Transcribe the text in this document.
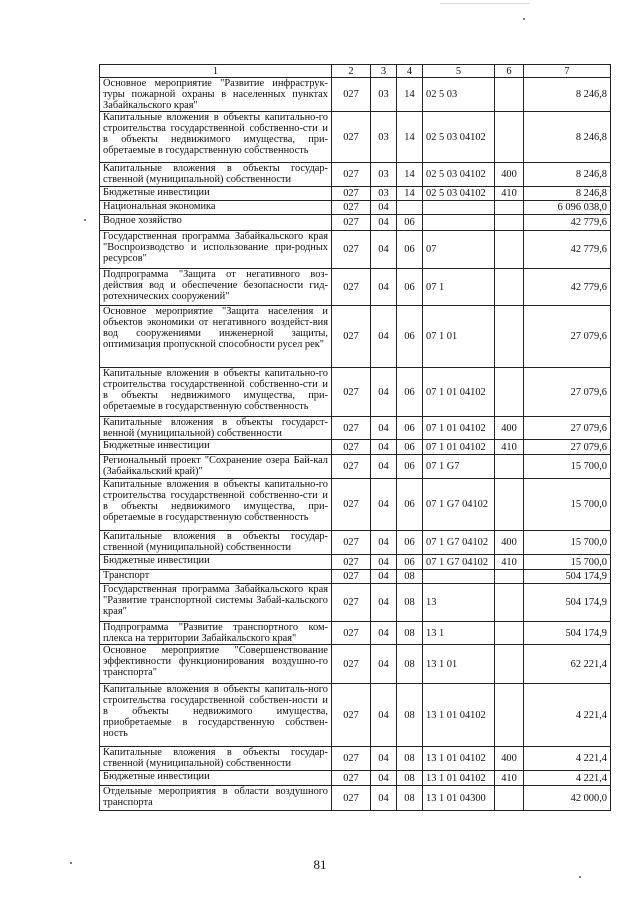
1	2	3	4	5	6	7
Основное мероприятие "Развитие инфраструк-туры пожарной охраны в населенных пунктах Забайкальского края"	027	03	14	02 5 03		8 246,8
Капитальные вложения в объекты капитально-го строительства государственной собственно-сти и в объекты недвижимого имущества, при-обретаемые в государственную собственность	027	03	14	02 5 03 04102		8 246,8
Капитальные вложения в объекты государ-ственной (муниципальной) собственности	027	03	14	02 5 03 04102	400	8 246,8
Бюджетные инвестиции	027	03	14	02 5 03 04102	410	8 246,8
Национальная экономика	027	04				6 096 038,0
Водное хозяйство	027	04	06			42 779,6
Государственная программа Забайкальского края "Воспроизводство и использование при-родных ресурсов"	027	04	06	07		42 779,6
Подпрограмма "Защита от негативного воз-действия вод и обеспечение безопасности гид-ротехнических сооружений"	027	04	06	07 1		42 779,6
Основное мероприятие "Защита населения и объектов экономики от негативного воздейст-вия вод сооружениями инженерной защиты, оптимизация пропускной способности русел рек"	027	04	06	07 1 01		27 079,6
Капитальные вложения в объекты капитально-го строительства государственной собственно-сти и в объекты недвижимого имущества, при-обретаемые в государственную собственность	027	04	06	07 1 01 04102		27 079,6
Капитальные вложения в объекты государст-венной (муниципальной) собственности	027	04	06	07 1 01 04102	400	27 079,6
Бюджетные инвестиции	027	04	06	07 1 01 04102	410	27 079,6
Региональный проект "Сохранение озера Бай-кал (Забайкальский край)"	027	04	06	07 1 G7		15 700,0
Капитальные вложения в объекты капитально-го строительства государственной собственно-сти и в объекты недвижимого имущества, при-обретаемые в государственную собственность	027	04	06	07 1 G7 04102		15 700,0
Капитальные вложения в объекты государ-ственной (муниципальной) собственности	027	04	06	07 1 G7 04102	400	15 700,0
Бюджетные инвестиции	027	04	06	07 1 G7 04102	410	15 700,0
Транспорт	027	04	08			504 174,9
Государственная программа Забайкальского края "Развитие транспортной системы Забай-кальского края"	027	04	08	13		504 174,9
Подпрограмма "Развитие транспортного ком-плекса на территории Забайкальского края"	027	04	08	13 1		504 174,9
Основное мероприятие "Совершенствование эффективности функционирования воздушно-го транспорта"	027	04	08	13 1 01		62 221,4
Капитальные вложения в объекты капиталь-ного строительства государственной собствен-ности и в объекты недвижимого имущества, приобретаемые в государственную собствен-ность	027	04	08	13 1 01 04102		4 221,4
Капитальные вложения в объекты государ-ственной (муниципальной) собственности	027	04	08	13 1 01 04102	400	4 221,4
Бюджетные инвестиции	027	04	08	13 1 01 04102	410	4 221,4
Отдельные мероприятия в области воздушного транспорта	027	04	08	13 1 01 04300		42 000,0
81
